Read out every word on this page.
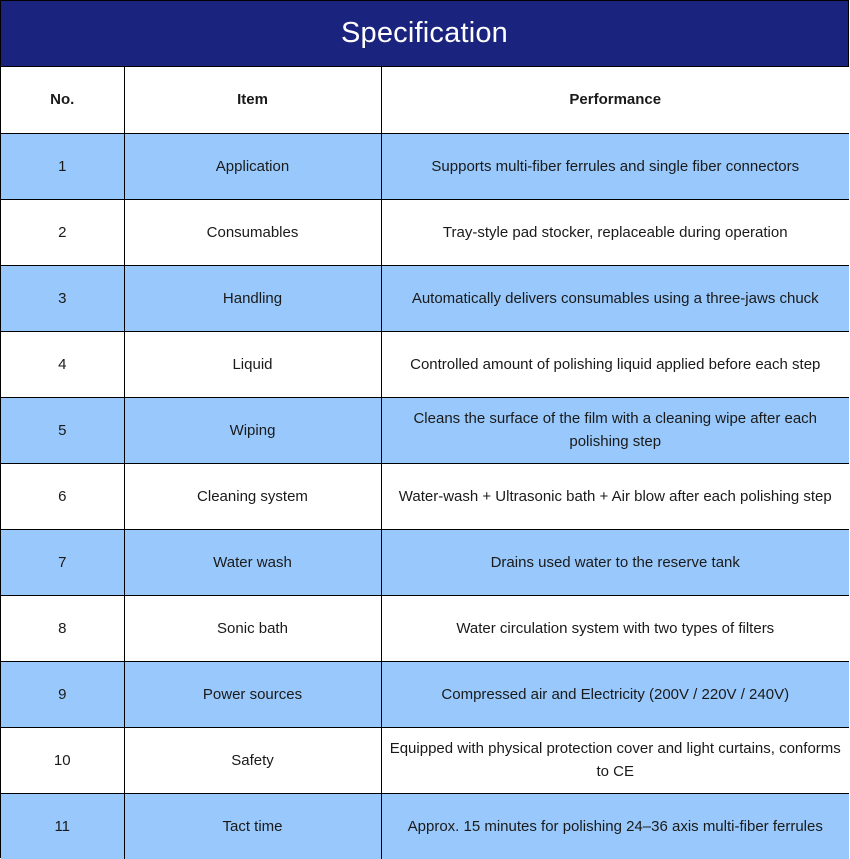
Specification
No.	Item	Performance
1	Application	Supports multi-fiber ferrules and single fiber connectors
2	Consumables	Tray-style pad stocker, replaceable during operation
3	Handling	Automatically delivers consumables using a three-jaws chuck
4	Liquid	Controlled amount of polishing liquid applied before each step
5	Wiping	Cleans the surface of the film with a cleaning wipe after each polishing step
6	Cleaning system	Water-wash + Ultrasonic bath + Air blow after each polishing step
7	Water wash	Drains used water to the reserve tank
8	Sonic bath	Water circulation system with two types of filters
9	Power sources	Compressed air and Electricity (200V / 220V / 240V)
10	Safety	Equipped with physical protection cover and light curtains, conforms to CE
11	Tact time	Approx. 15 minutes for polishing 24–36 axis multi-fiber ferrules
